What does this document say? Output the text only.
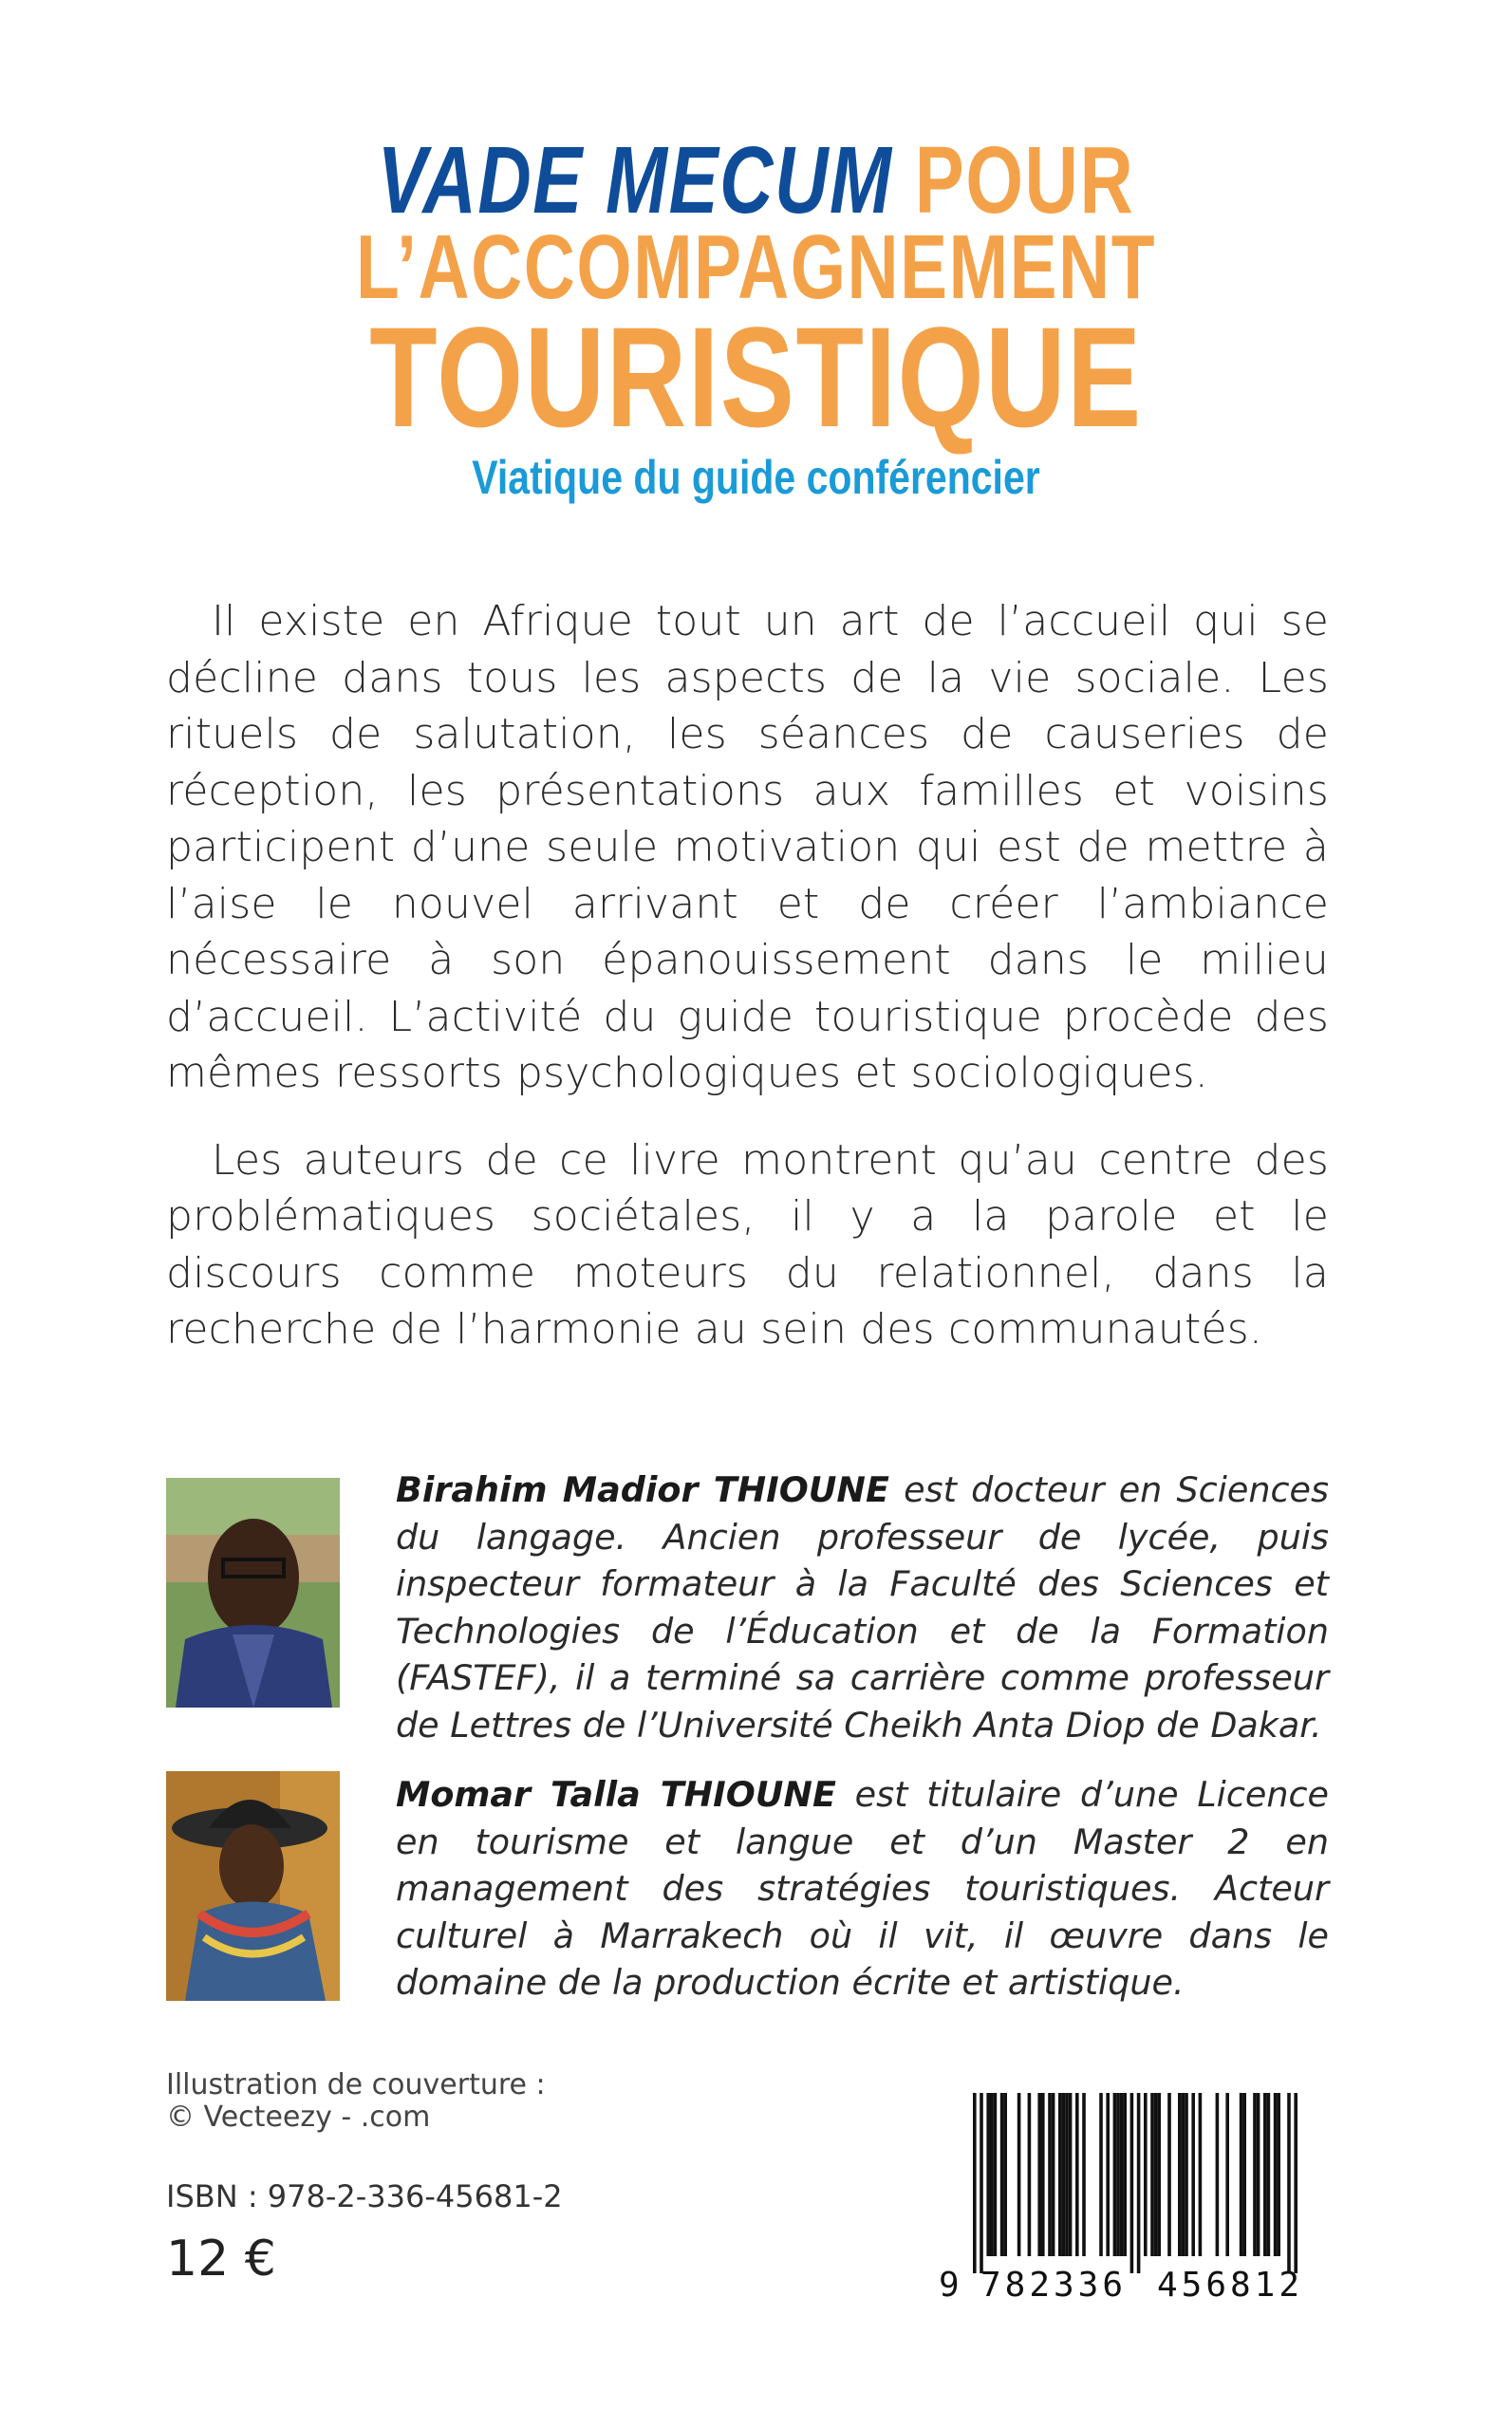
VADE MECUM POUR
L’ACCOMPAGNEMENT
TOURISTIQUE
Viatique du guide conférencier

Il existe en Afrique tout un art de l’accueil qui se décline dans tous les aspects de la vie sociale. Les rituels de salutation, les séances de causeries de réception, les présentations aux familles et voisins participent d’une seule motivation qui est de mettre à l’aise le nouvel arrivant et de créer l’ambiance nécessaire à son épanouissement dans le milieu d’accueil. L’activité du guide touristique procède des mêmes ressorts psychologiques et sociologiques.

Les auteurs de ce livre montrent qu’au centre des problématiques sociétales, il y a la parole et le discours comme moteurs du relationnel, dans la recherche de l’harmonie au sein des communautés.

Birahim Madior THIOUNE est docteur en Sciences du langage. Ancien professeur de lycée, puis inspecteur formateur à la Faculté des Sciences et Technologies de l’Éducation et de la Formation (FASTEF), il a terminé sa carrière comme professeur de Lettres de l’Université Cheikh Anta Diop de Dakar.

Momar Talla THIOUNE est titulaire d’une Licence en tourisme et langue et d’un Master 2 en management des stratégies touristiques. Acteur culturel à Marrakech où il vit, il œuvre dans le domaine de la production écrite et artistique.

Illustration de couverture :
© Vecteezy - .com
ISBN : 978-2-336-45681-2
12 €	9 782336 456812
